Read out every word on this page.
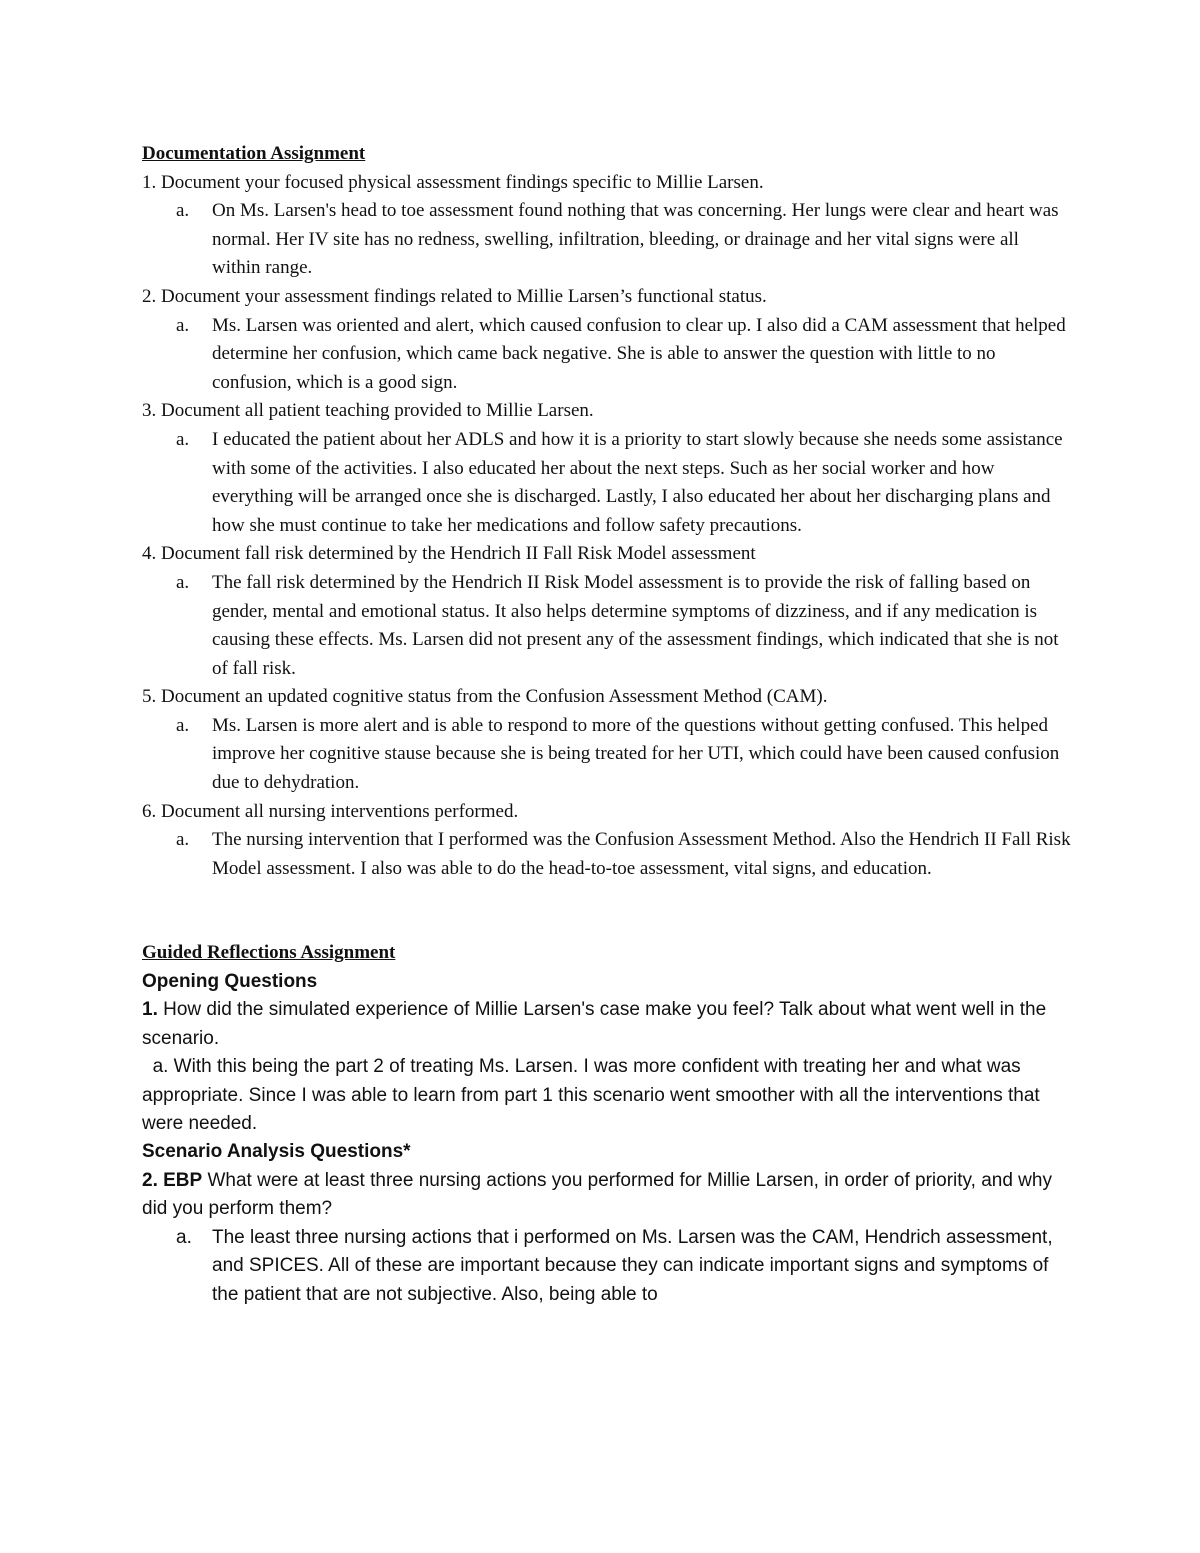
Documentation Assignment

1. Document your focused physical assessment findings specific to Millie Larsen.

a.	On Ms. Larsen's head to toe assessment found nothing that was concerning. Her lungs were clear and heart was normal. Her IV site has no redness, swelling, infiltration, bleeding, or drainage and her vital signs were all within range.

2. Document your assessment findings related to Millie Larsen’s functional status.

a.	Ms. Larsen was oriented and alert, which caused confusion to clear up. I also did a CAM assessment that helped determine her confusion, which came back negative. She is able to answer the question with little to no confusion, which is a good sign.

3. Document all patient teaching provided to Millie Larsen.

a.	I educated the patient about her ADLS and how it is a priority to start slowly because she needs some assistance with some of the activities. I also educated her about the next steps. Such as her social worker and how everything will be arranged once she is discharged. Lastly, I also educated her about her discharging plans and how she must continue to take her medications and follow safety precautions.

4. Document fall risk determined by the Hendrich II Fall Risk Model assessment

a.	The fall risk determined by the Hendrich II Risk Model assessment is to provide the risk of falling based on gender, mental and emotional status. It also helps determine symptoms of dizziness, and if any medication is causing these effects. Ms. Larsen did not present any of the assessment findings, which indicated that she is not of fall risk.

5. Document an updated cognitive status from the Confusion Assessment Method (CAM).

a.	Ms. Larsen is more alert and is able to respond to more of the questions without getting confused. This helped improve her cognitive stause because she is being treated for her UTI, which could have been caused confusion due to dehydration.

6. Document all nursing interventions performed.

a.	The nursing intervention that I performed was the Confusion Assessment Method. Also the Hendrich II Fall Risk Model assessment. I also was able to do the head-to-toe assessment, vital signs, and education.

Guided Reflections Assignment

Opening Questions

1. How did the simulated experience of Millie Larsen's case make you feel? Talk about what went well in the scenario.

a. With this being the part 2 of treating Ms. Larsen. I was more confident with treating her and what was appropriate. Since I was able to learn from part 1 this scenario went smoother with all the interventions that were needed.

Scenario Analysis Questions*

2. EBP What were at least three nursing actions you performed for Millie Larsen, in order of priority, and why did you perform them?

a.	The least three nursing actions that i performed on Ms. Larsen was the CAM, Hendrich assessment, and SPICES. All of these are important because they can indicate important signs and symptoms of the patient that are not subjective. Also, being able to
